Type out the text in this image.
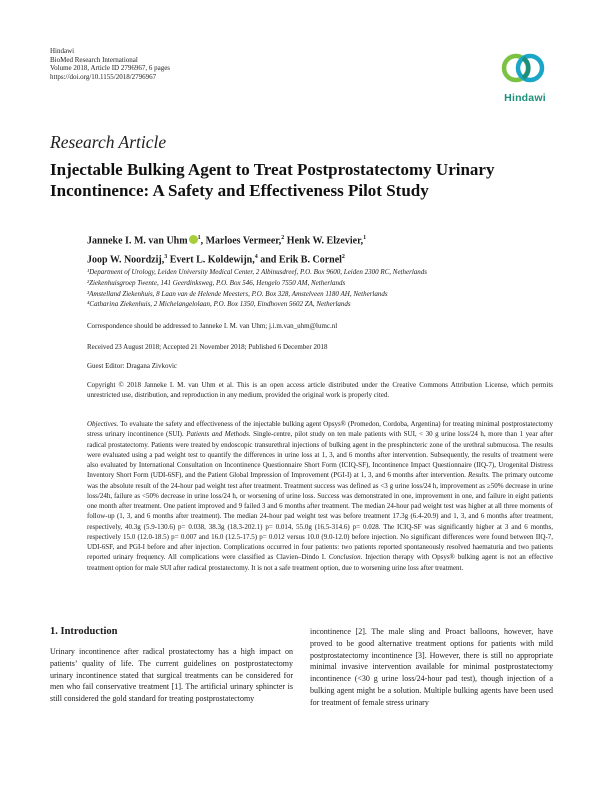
Hindawi
BioMed Research International
Volume 2018, Article ID 2796967, 6 pages
https://doi.org/10.1155/2018/2796967
Hindawi
Research Article
Injectable Bulking Agent to Treat Postprostatectomy Urinary Incontinence: A Safety and Effectiveness Pilot Study
Janneke I. M. van Uhm $^1$, Marloes Vermeer,$^2$ Henk W. Elzevier,$^1$
Joop W. Noordzij,$^3$ Evert L. Koldewijn,$^4$ and Erik B. Cornel$^2$
¹Department of Urology, Leiden University Medical Center, 2 Albinusdreef, P.O. Box 9600, Leiden 2300 RC, Netherlands
²Ziekenhuisgroep Twente, 141 Geerdinksweg, P.O. Box 546, Hengelo 7550 AM, Netherlands
³Amstelland Ziekenhuis, 8 Laan van de Helende Meesters, P.O. Box 328, Amstelveen 1180 AH, Netherlands
⁴Catharina Ziekenhuis, 2 Michelangelolaan, P.O. Box 1350, Eindhoven 5602 ZA, Netherlands
Correspondence should be addressed to Janneke I. M. van Uhm; j.i.m.van_uhm@lumc.nl
Received 23 August 2018; Accepted 21 November 2018; Published 6 December 2018
Guest Editor: Dragana Zivkovic
Copyright © 2018 Janneke I. M. van Uhm et al. This is an open access article distributed under the Creative Commons Attribution License, which permits unrestricted use, distribution, and reproduction in any medium, provided the original work is properly cited.
Objectives. To evaluate the safety and effectiveness of the injectable bulking agent Opsys® (Promedon, Cordoba, Argentina) for treating minimal postprostatectomy stress urinary incontinence (SUI). Patients and Methods. Single-centre, pilot study on ten male patients with SUI, < 30 g urine loss/24 h, more than 1 year after radical prostatectomy. Patients were treated by endoscopic transurethral injections of bulking agent in the presphincteric zone of the urethral submucosa. The results were evaluated using a pad weight test to quantify the differences in urine loss at 1, 3, and 6 months after intervention. Subsequently, the results of treatment were also evaluated by International Consultation on Incontinence Questionnaire Short Form (ICIQ-SF), Incontinence Impact Questionnaire (IIQ-7), Urogenital Distress Inventory Short Form (UDI-6SF), and the Patient Global Impression of Improvement (PGI-I) at 1, 3, and 6 months after intervention. Results. The primary outcome was the absolute result of the 24-hour pad weight test after treatment. Treatment success was defined as <3 g urine loss/24 h, improvement as ≥50% decrease in urine loss/24h, failure as <50% decrease in urine loss/24 h, or worsening of urine loss. Success was demonstrated in one, improvement in one, and failure in eight patients one month after treatment. One patient improved and 9 failed 3 and 6 months after treatment. The median 24-hour pad weight test was higher at all three moments of follow-up (1, 3, and 6 months after treatment). The median 24-hour pad weight test was before treatment 17.3g (6.4-20.9) and 1, 3, and 6 months after treatment, respectively, 40.3g (5.9-130.6) p= 0.038, 38.3g (18.3-202.1) p= 0.014, 55.0g (16.5-314.6) p= 0.028. The ICIQ-SF was significantly higher at 3 and 6 months, respectively 15.0 (12.0-18.5) p= 0.007 and 16.0 (12.5-17.5) p= 0.012 versus 10.0 (9.0-12.0) before injection. No significant differences were found between IIQ-7, UDI-6SF, and PGI-I before and after injection. Complications occurred in four patients: two patients reported spontaneously resolved haematuria and two patients reported urinary frequency. All complications were classified as Clavien–Dindo I. Conclusion. Injection therapy with Opsys® bulking agent is not an effective treatment option for male SUI after radical prostatectomy. It is not a safe treatment option, due to worsening urine loss after treatment.
1. Introduction
Urinary incontinence after radical prostatectomy has a high impact on patients’ quality of life. The current guidelines on postprostatectomy urinary incontinence stated that surgical treatments can be considered for men who fail conservative treatment [1]. The artificial urinary sphincter is still considered the gold standard for treating postprostatectomy
incontinence [2]. The male sling and Proact balloons, however, have proved to be good alternative treatment options for patients with mild postprostatectomy incontinence [3]. However, there is still no appropriate minimal invasive intervention available for minimal postprostatectomy incontinence (<30 g urine loss/24-hour pad test), though injection of a bulking agent might be a solution. Multiple bulking agents have been used for treatment of female stress urinary
